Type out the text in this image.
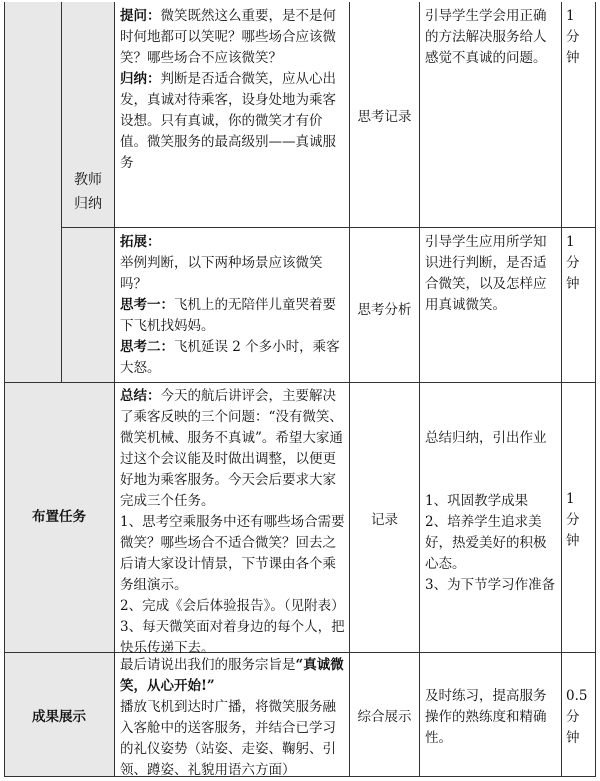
教师归纳

提问：微笑既然这么重要，是不是何时何地都可以笑呢？哪些场合应该微笑？哪些场合不应该微笑？

归纳：判断是否适合微笑，应从心出发，真诚对待乘客，设身处地为乘客设想。只有真诚，你的微笑才有价值。微笑服务的最高级别——真诚服务

思考记录
引导学生学会用正确的方法解决服务给人感觉不真诚的问题。

1

分钟

拓展：
举例判断，以下两种场景应该微笑吗？

思考一：飞机上的无陪伴儿童哭着要下飞机找妈妈。

思考二：飞机延误 2 个多小时，乘客大怒。

思考分析
引导学生应用所学知识进行判断，是否适合微笑，以及怎样应用真诚微笑。

1

分钟

布置任务

总结：今天的航后讲评会，主要解决了乘客反映的三个问题：“没有微笑、微笑机械、服务不真诚”。希望大家通过这个会议能及时做出调整，以便更好地为乘客服务。今天会后要求大家完成三个任务。

1、思考空乘服务中还有哪些场合需要微笑？哪些场合不适合微笑？回去之后请大家设计情景，下节课由各个乘务组演示。

2、完成《会后体验报告》。（见附表）

3、每天微笑面对着身边的每个人，把快乐传递下去。

记录

总结归纳，引出作业

1、巩固教学成果

2、培养学生追求美好，热爱美好的积极心态。

3、为下节学习作准备

1

分钟

成果展示

最后请说出我们的服务宗旨是“真诚微笑，从心开始!”

播放飞机到达时广播，将微笑服务融入客舱中的送客服务，并结合已学习的礼仪姿势（站姿、走姿、鞠躬、引领、蹲姿、礼貌用语六方面）

综合展示
及时练习，提高服务操作的熟练度和精确性。

0.5

分钟
